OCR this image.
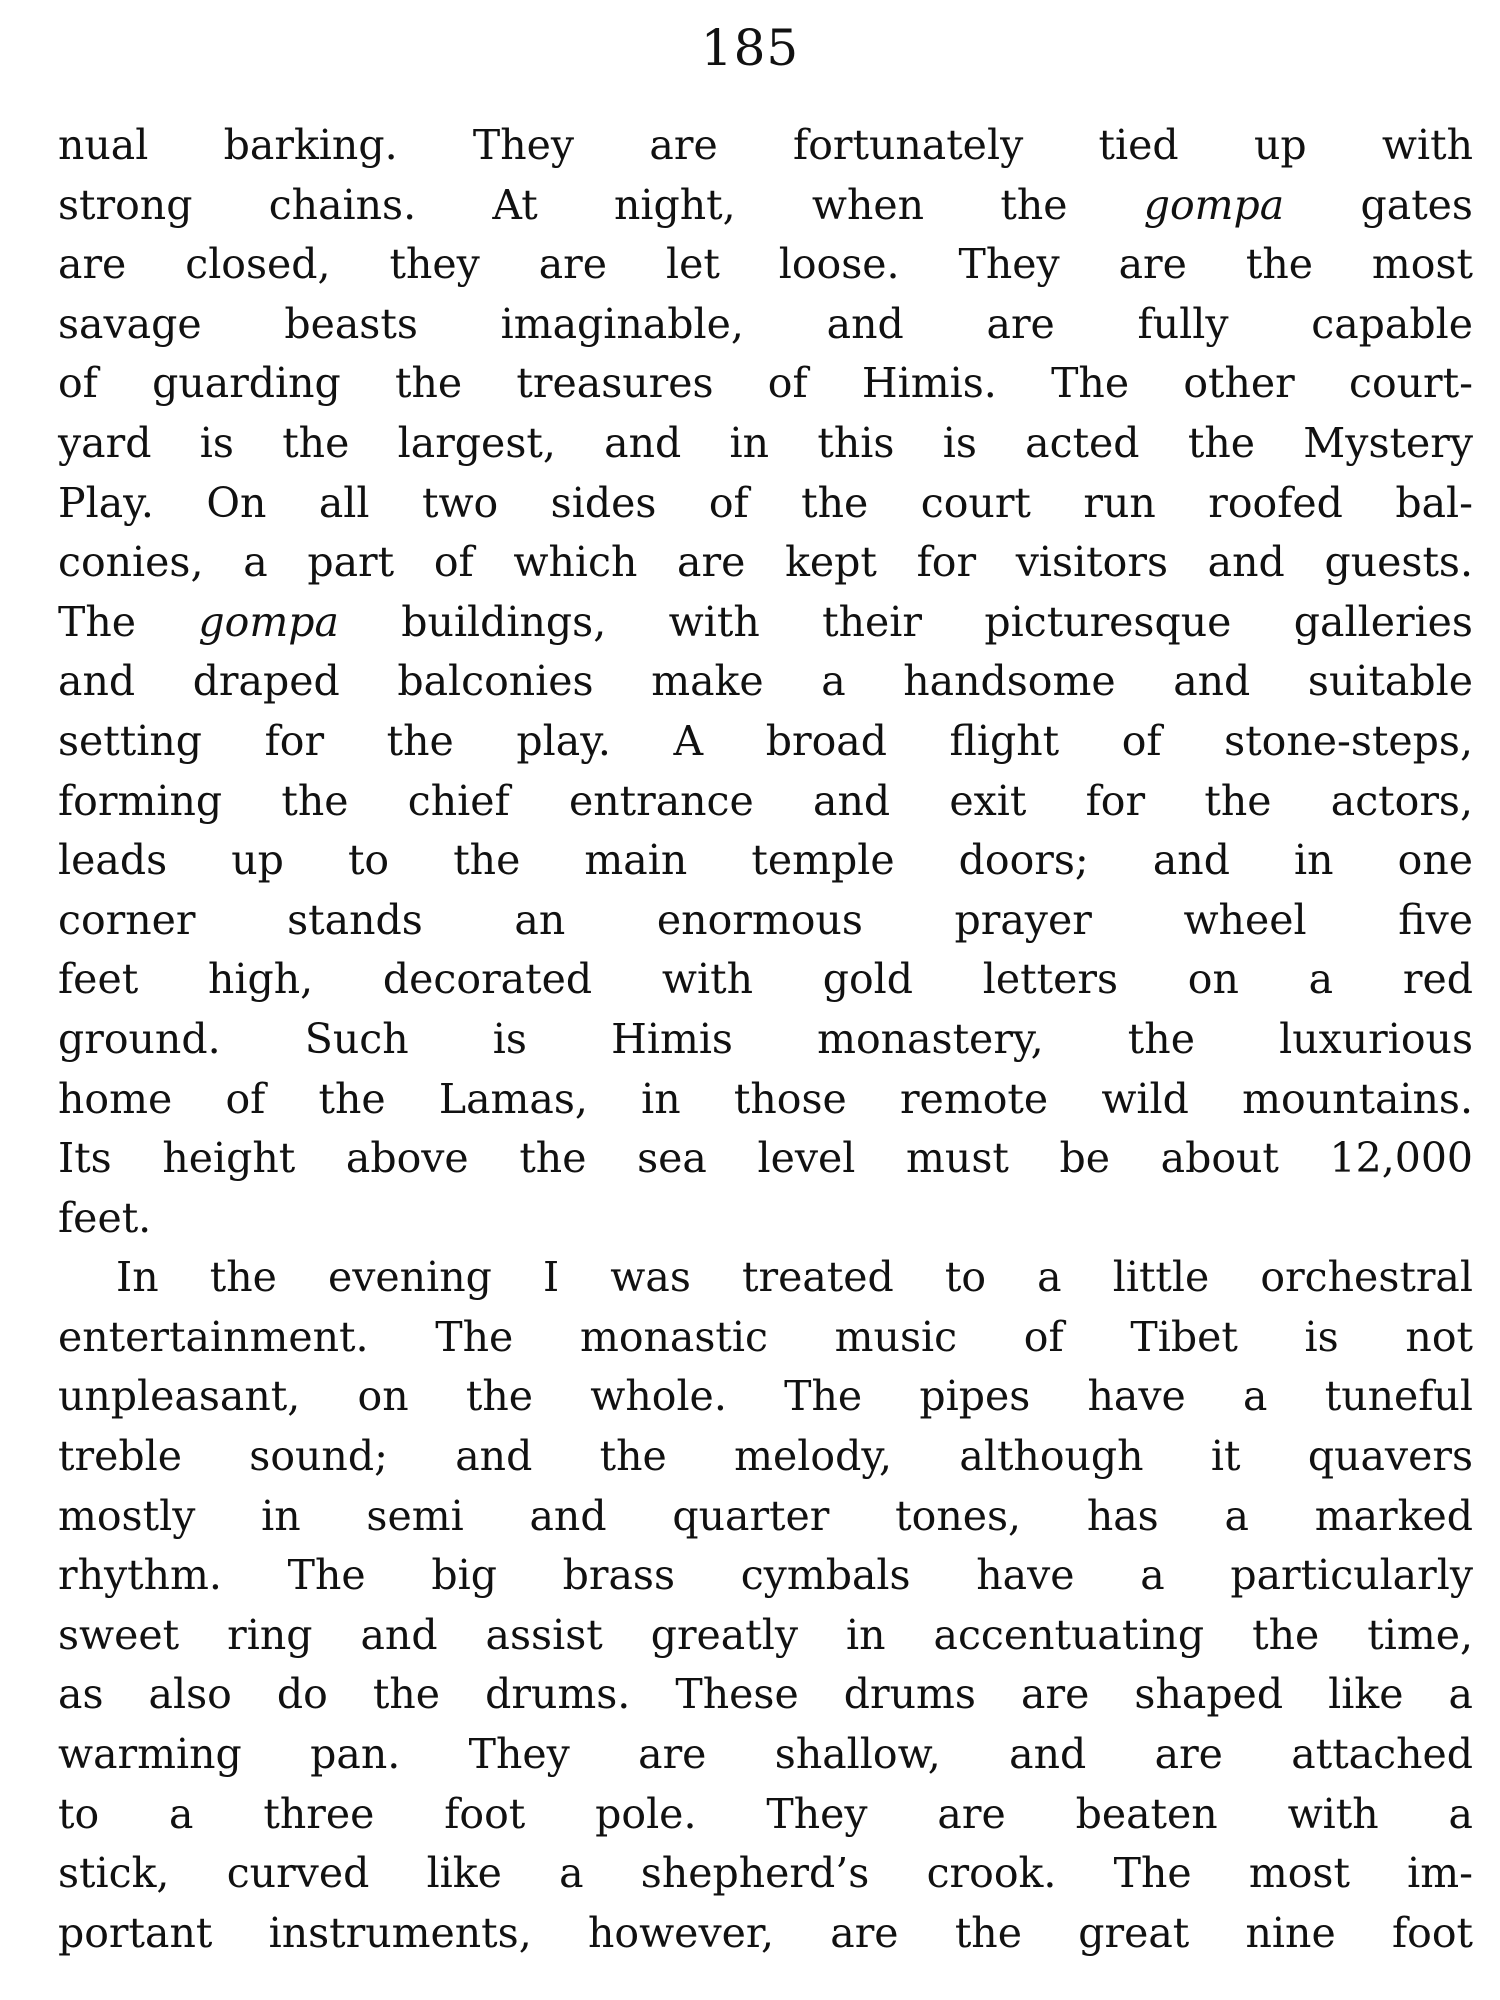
185
nual barking. They are fortunately tied up with
strong chains. At night, when the gompa gates
are closed, they are let loose. They are the most
savage beasts imaginable, and are fully capable
of guarding the treasures of Himis. The other court-
yard is the largest, and in this is acted the Mystery
Play. On all two sides of the court run roofed bal-
conies, a part of which are kept for visitors and guests.
The gompa buildings, with their picturesque galleries
and draped balconies make a handsome and suitable
setting for the play. A broad flight of stone-steps,
forming the chief entrance and exit for the actors,
leads up to the main temple doors; and in one
corner stands an enormous prayer wheel five
feet high, decorated with gold letters on a red
ground. Such is Himis monastery, the luxurious
home of the Lamas, in those remote wild mountains.
Its height above the sea level must be about 12,000
feet.
In the evening I was treated to a little orchestral
entertainment. The monastic music of Tibet is not
unpleasant, on the whole. The pipes have a tuneful
treble sound; and the melody, although it quavers
mostly in semi and quarter tones, has a marked
rhythm. The big brass cymbals have a particularly
sweet ring and assist greatly in accentuating the time,
as also do the drums. These drums are shaped like a
warming pan. They are shallow, and are attached
to a three foot pole. They are beaten with a
stick, curved like a shepherd’s crook. The most im-
portant instruments, however, are the great nine foot
